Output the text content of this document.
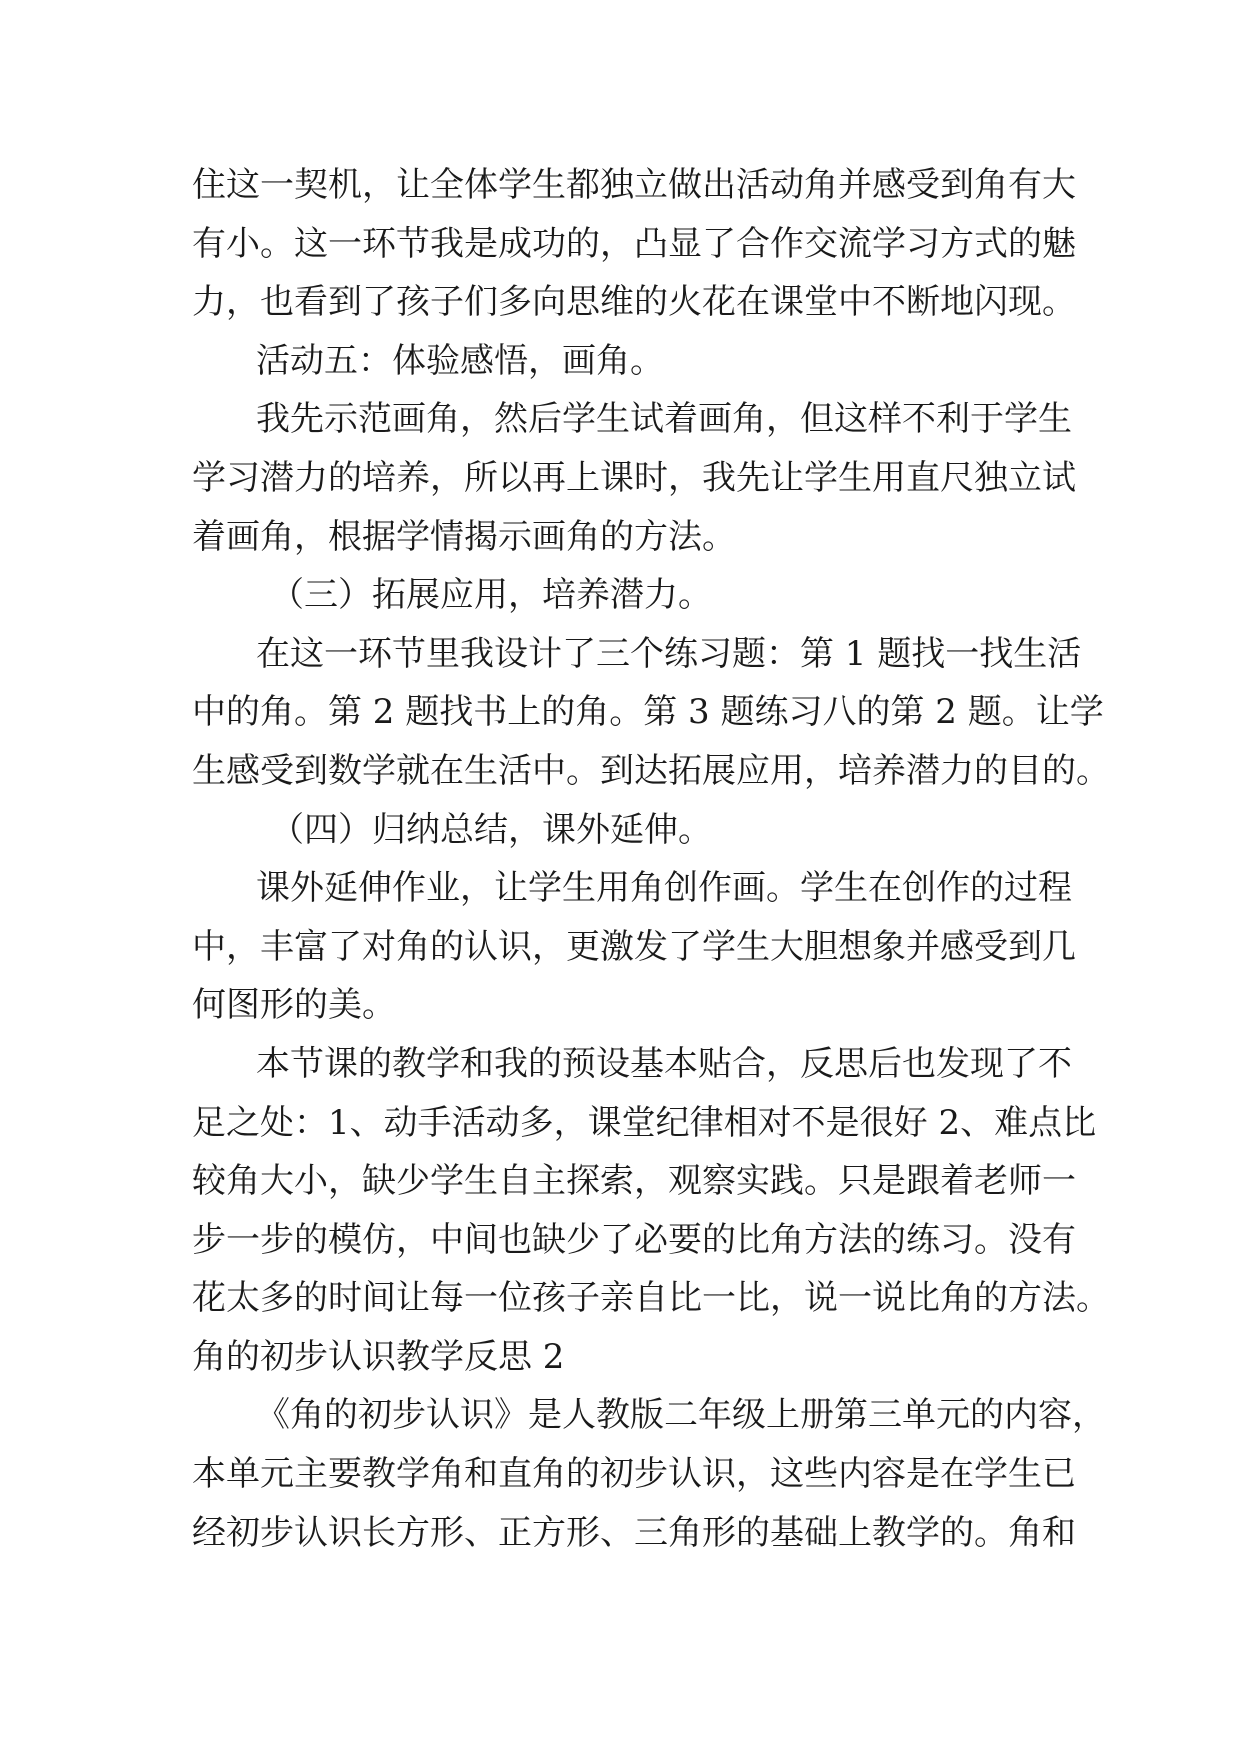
住这一契机，让全体学生都独立做出活动角并感受到角有大
有小。这一环节我是成功的，凸显了合作交流学习方式的魅
力，也看到了孩子们多向思维的火花在课堂中不断地闪现。
活动五：体验感悟，画角。
我先示范画角，然后学生试着画角，但这样不利于学生
学习潜力的培养，所以再上课时，我先让学生用直尺独立试
着画角，根据学情揭示画角的方法。
（三）拓展应用，培养潜力。
在这一环节里我设计了三个练习题：第 1 题找一找生活
中的角。第 2 题找书上的角。第 3 题练习八的第 2 题。让学
生感受到数学就在生活中。到达拓展应用，培养潜力的目的。
（四）归纳总结，课外延伸。
课外延伸作业，让学生用角创作画。学生在创作的过程
中，丰富了对角的认识，更激发了学生大胆想象并感受到几
何图形的美。
本节课的教学和我的预设基本贴合，反思后也发现了不
足之处：1、动手活动多，课堂纪律相对不是很好 2、难点比
较角大小，缺少学生自主探索，观察实践。只是跟着老师一
步一步的模仿，中间也缺少了必要的比角方法的练习。没有
花太多的时间让每一位孩子亲自比一比，说一说比角的方法。
角的初步认识教学反思 2
《角的初步认识》是人教版二年级上册第三单元的内容，
本单元主要教学角和直角的初步认识，这些内容是在学生已
经初步认识长方形、正方形、三角形的基础上教学的。角和
